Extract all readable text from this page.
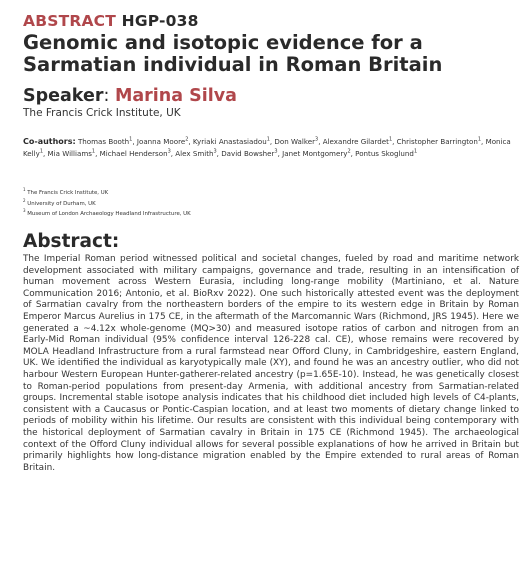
ABSTRACT HGP-038
Genomic and isotopic evidence for a
Sarmatian individual in Roman Britain
Speaker: Marina Silva
The Francis Crick Institute, UK
Co-authors: Thomas Booth$^1$, Joanna Moore$^2$, Kyriaki Anastasiadou$^1$, Don Walker$^3$, Alexandre Gilardet$^1$, Christopher Barrington$^1$, Monica Kelly$^1$, Mia Williams$^1$, Michael Henderson$^3$, Alex Smith$^3$, David Bowsher$^3$, Janet Montgomery$^2$, Pontus Skoglund$^1$
$^1$ The Francis Crick Institute, UK
$^2$ University of Durham, UK
$^3$ Museum of London Archaeology Headland Infrastructure, UK
Abstract:
The Imperial Roman period witnessed political and societal changes, fueled by road and maritime network development associated with military campaigns, governance and trade, resulting in an intensification of human movement across Western Eurasia, including long-range mobility (Martiniano, et al. Nature Communication 2016; Antonio, et al. BioRxv 2022). One such historically attested event was the deployment of Sarmatian cavalry from the northeastern borders of the empire to its western edge in Britain by Roman Emperor Marcus Aurelius in 175 CE, in the aftermath of the Marcomannic Wars (Richmond, JRS 1945). Here we generated a ~4.12x whole-genome (MQ>30) and measured isotope ratios of carbon and nitrogen from an Early-Mid Roman individual (95% confidence interval 126-228 cal. CE), whose remains were recovered by MOLA Headland Infrastructure from a rural farmstead near Offord Cluny, in Cambridgeshire, eastern England, UK. We identified the individual as karyotypically male (XY), and found he was an ancestry outlier, who did not harbour Western European Hunter-gatherer-related ancestry (p=1.65E-10). Instead, he was genetically closest to Roman-period populations from present-day Armenia, with additional ancestry from Sarmatian-related groups. Incremental stable isotope analysis indicates that his childhood diet included high levels of C4-plants, consistent with a Caucasus or Pontic-Caspian location, and at least two moments of dietary change linked to periods of mobility within his lifetime. Our results are consistent with this individual being contemporary with the historical deployment of Sarmatian cavalry in Britain in 175 CE (Richmond 1945). The archaeological context of the Offord Cluny individual allows for several possible explanations of how he arrived in Britain but primarily highlights how long-distance migration enabled by the Empire extended to rural areas of Roman Britain.
